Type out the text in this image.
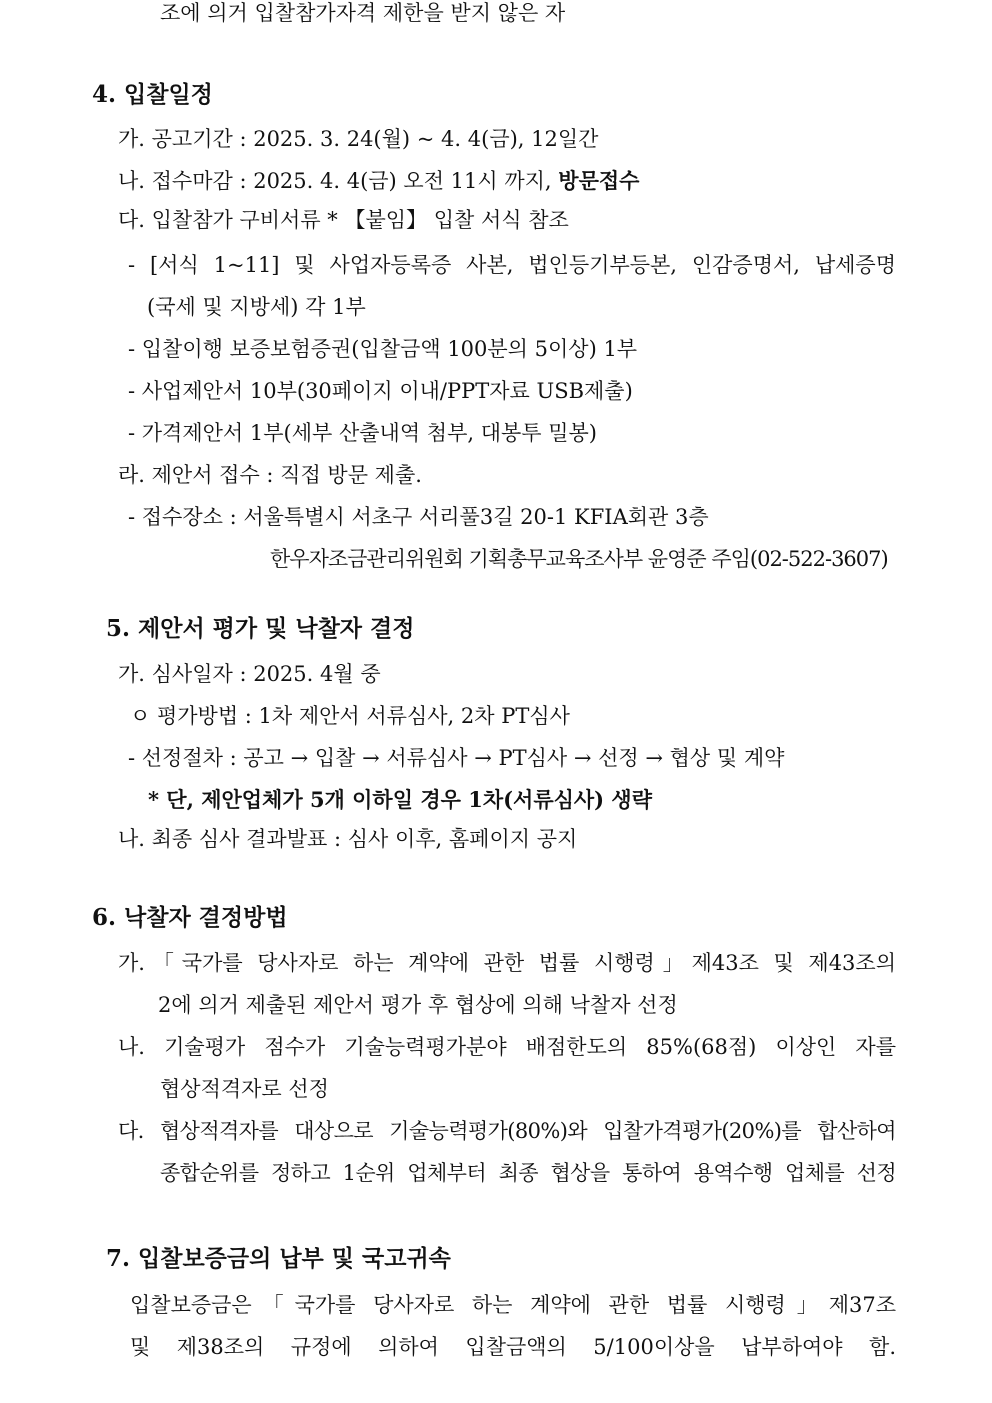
조에 의거 입찰참가자격 제한을 받지 않은 자
4. 입찰일정
가. 공고기간 : 2025. 3. 24(월) ~ 4. 4(금), 12일간
나. 접수마감 : 2025. 4. 4(금) 오전 11시 까지, 방문접수
다. 입찰참가 구비서류 * 【붙임】 입찰 서식 참조
- [서식 1~11] 및 사업자등록증 사본, 법인등기부등본, 인감증명서, 납세증명
(국세 및 지방세) 각 1부
- 입찰이행 보증보험증권(입찰금액 100분의 5이상) 1부
- 사업제안서 10부(30페이지 이내/PPT자료 USB제출)
- 가격제안서 1부(세부 산출내역 첨부, 대봉투 밀봉)
라. 제안서 접수 : 직접 방문 제출.
- 접수장소 : 서울특별시 서초구 서리풀3길 20-1 KFIA회관 3층
한우자조금관리위원회 기획총무교육조사부 윤영준 주임(02-522-3607)
5. 제안서 평가 및 낙찰자 결정
가. 심사일자 : 2025. 4월 중
ㅇ 평가방법 : 1차 제안서 서류심사, 2차 PT심사
- 선정절차 : 공고 → 입찰 → 서류심사 → PT심사 → 선정 → 협상 및 계약
* 단, 제안업체가 5개 이하일 경우 1차(서류심사) 생략
나. 최종 심사 결과발표 : 심사 이후, 홈페이지 공지
6. 낙찰자 결정방법
가.「국가를 당사자로 하는 계약에 관한 법률 시행령」제43조 및 제43조의
2에 의거 제출된 제안서 평가 후 협상에 의해 낙찰자 선정
나. 기술평가 점수가 기술능력평가분야 배점한도의 85%(68점) 이상인 자를
협상적격자로 선정
다. 협상적격자를 대상으로 기술능력평가(80%)와 입찰가격평가(20%)를 합산하여
종합순위를 정하고 1순위 업체부터 최종 협상을 통하여 용역수행 업체를 선정
7. 입찰보증금의 납부 및 국고귀속
입찰보증금은「국가를 당사자로 하는 계약에 관한 법률 시행령」제37조
및 제38조의 규정에 의하여 입찰금액의 5/100이상을 납부하여야 함.
